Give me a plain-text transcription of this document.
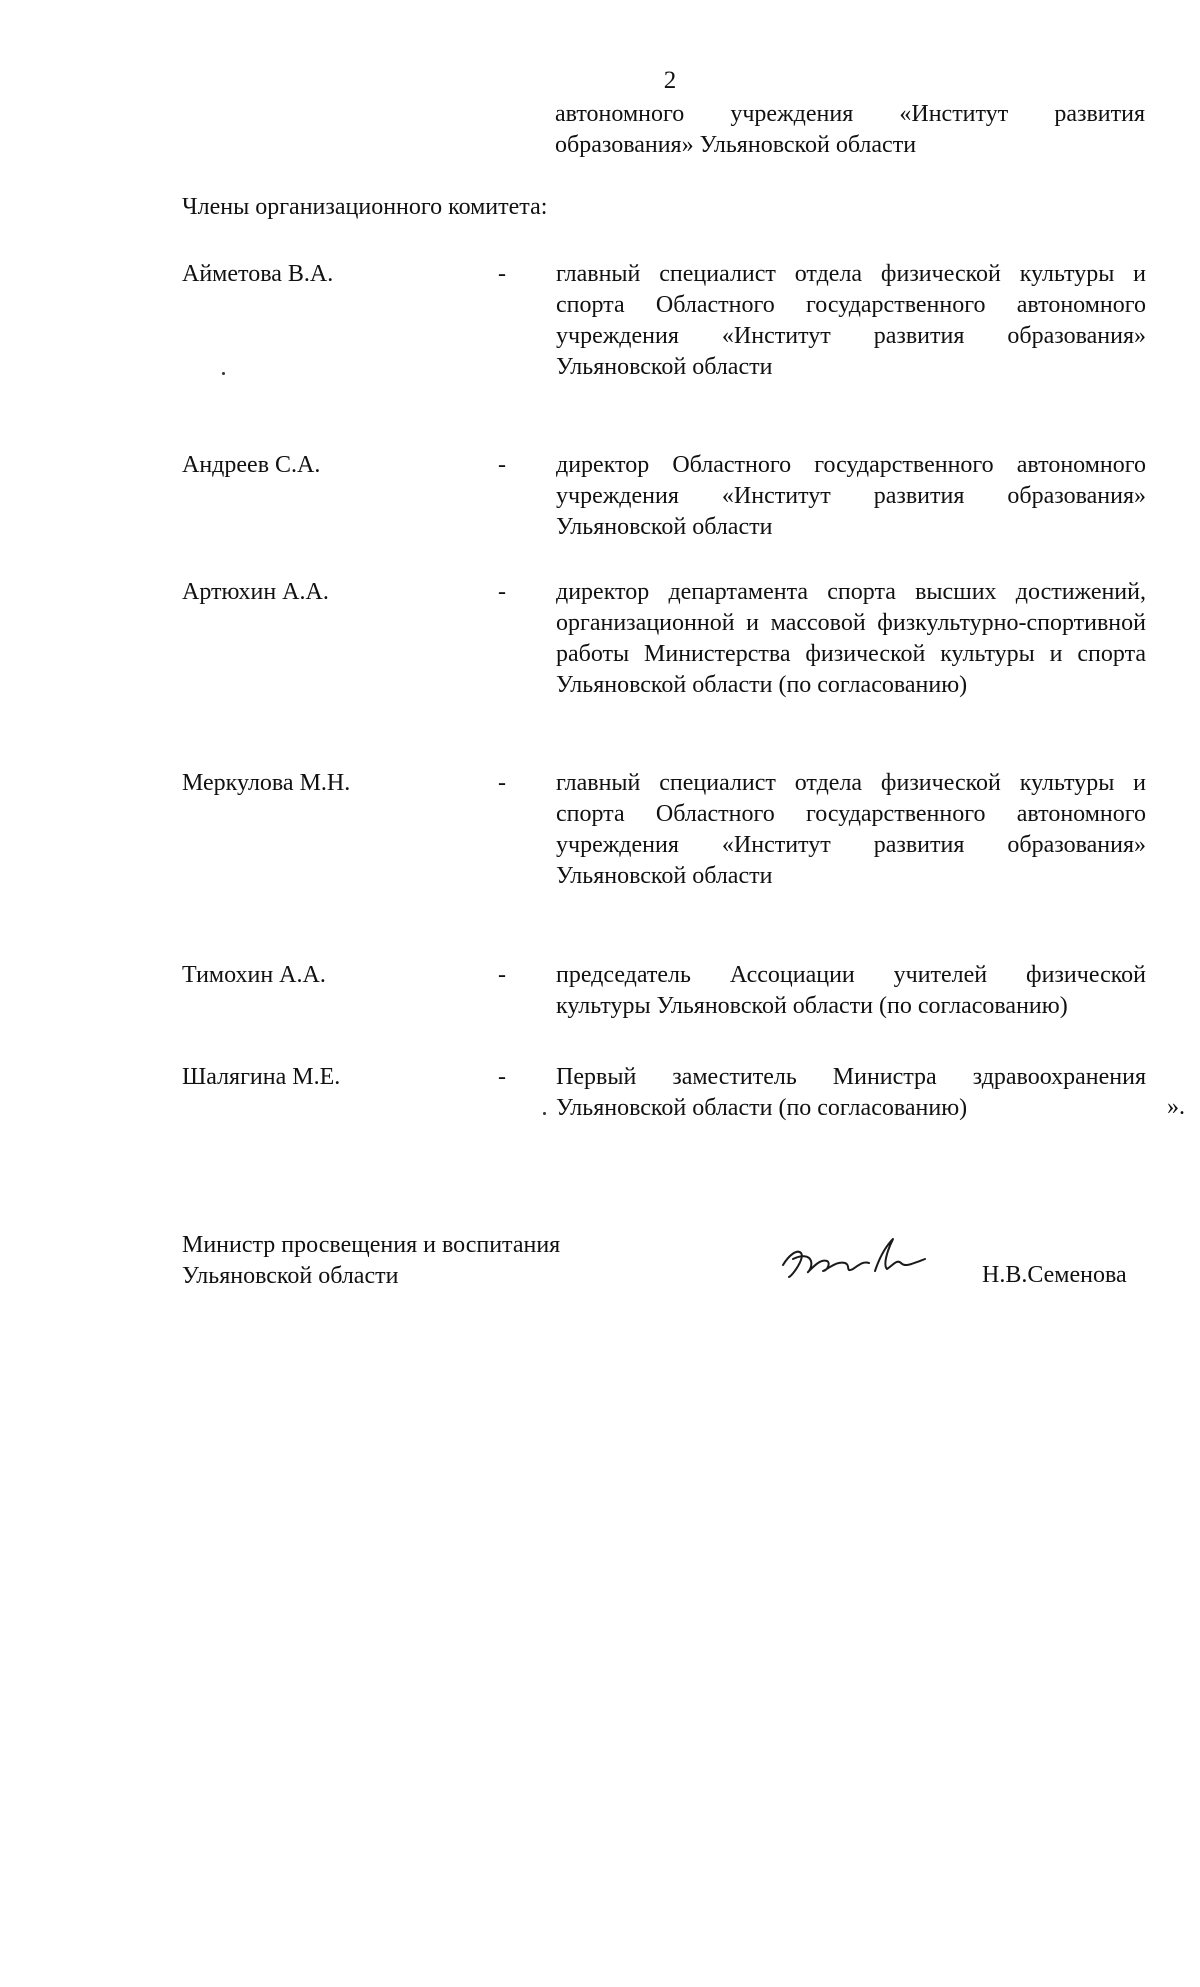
2
автономного учреждения «Институт развития образования» Ульяновской области
Члены организационного комитета:
Айметова В.А.	-	главный специалист отдела физической культуры и спорта Областного государственного автономного учреждения «Институт развития образования» Ульяновской области
Андреев С.А.	-	директор Областного государственного автономного учреждения «Институт развития образования» Ульяновской области
Артюхин А.А.	-	директор департамента спорта высших достижений, организационной и массовой физкультурно-спортивной работы Министерства физической культуры и спорта Ульяновской области (по согласованию)
Меркулова М.Н.	-	главный специалист отдела физической культуры и спорта Областного государственного автономного учреждения «Институт развития образования» Ульяновской области
Тимохин А.А.	-	председатель Ассоциации учителей физической культуры Ульяновской области (по согласованию)
Шалягина М.Е.	-	Первый заместитель Министра здравоохранения Ульяновской области (по согласованию)	».
Министр просвещения и воспитания Ульяновской области	Н.В.Семенова
